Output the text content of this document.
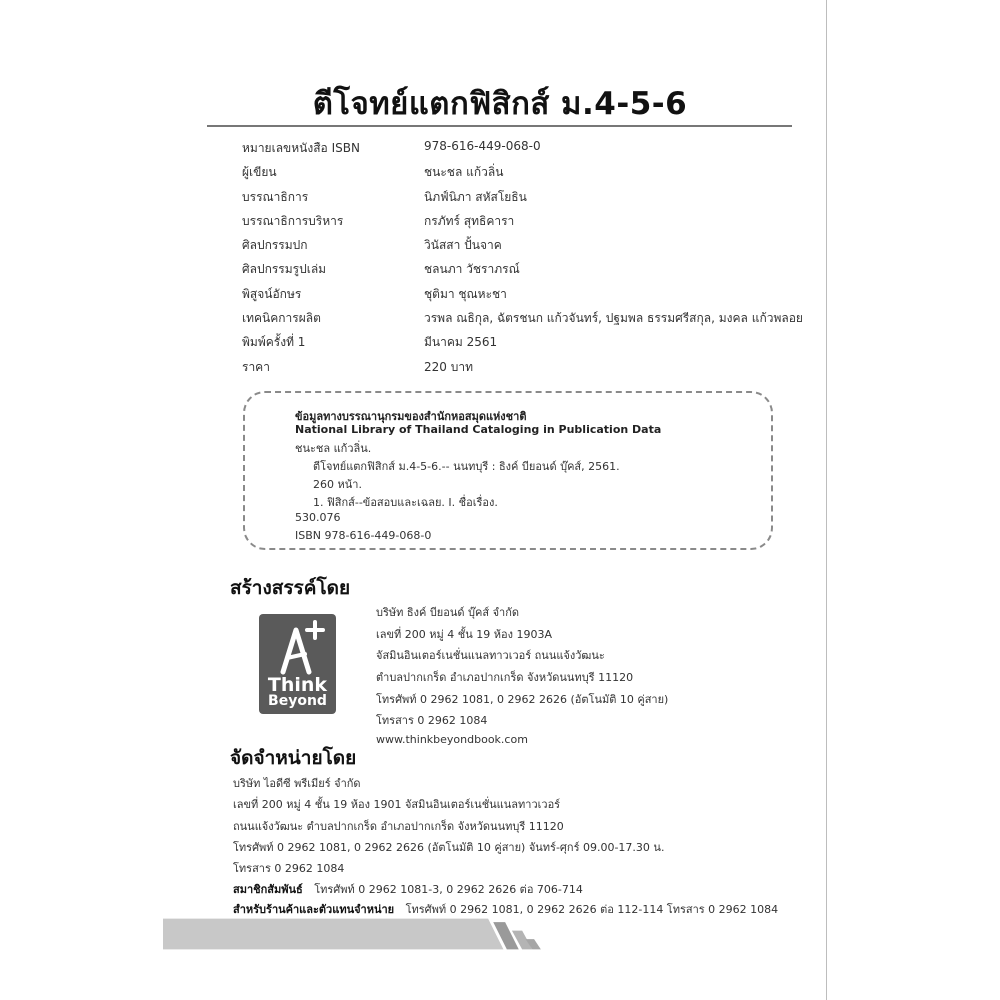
ตีโจทย์แตกฟิสิกส์ ม.4-5-6
หมายเลขหนังสือ ISBN	978-616-449-068-0
ผู้เขียน	ชนะชล แก้วลิ่น
บรรณาธิการ	นิภฟ์นิภา สหัสโยธิน
บรรณาธิการบริหาร	กรภัทร์ สุทธิคารา
ศิลปกรรมปก	วินัสสา ปั้นจาค
ศิลปกรรมรูปเล่ม	ชลนภา วัชราภรณ์
พิสูจน์อักษร	ชุติมา ชุณหะชา
เทคนิคการผลิต	วรพล ณธิกุล, ฉัตรชนก แก้วจันทร์, ปฐมพล ธรรมศรีสกุล, มงคล แก้วพลอย
พิมพ์ครั้งที่ 1	มีนาคม 2561
ราคา	220 บาท
ข้อมูลทางบรรณานุกรมของสำนักหอสมุดแห่งชาติ
National Library of Thailand Cataloging in Publication Data
ชนะชล แก้วลิ่น.
ตีโจทย์แตกฟิสิกส์ ม.4-5-6.-- นนทบุรี : ธิงค์ บียอนด์ บุ๊คส์, 2561.
260 หน้า.
1. ฟิสิกส์--ข้อสอบและเฉลย. I. ชื่อเรื่อง.
530.076
ISBN 978-616-449-068-0
สร้างสรรค์โดย
Think
Beyond
บริษัท ธิงค์ บียอนด์ บุ๊คส์ จำกัด
เลขที่ 200 หมู่ 4 ชั้น 19 ห้อง 1903A
จัสมินอินเตอร์เนชั่นแนลทาวเวอร์ ถนนแจ้งวัฒนะ
ตำบลปากเกร็ด อำเภอปากเกร็ด จังหวัดนนทบุรี 11120
โทรศัพท์ 0 2962 1081, 0 2962 2626 (อัตโนมัติ 10 คู่สาย)
โทรสาร 0 2962 1084
www.thinkbeyondbook.com
จัดจำหน่ายโดย
บริษัท ไอดีซี พรีเมียร์ จำกัด
เลขที่ 200 หมู่ 4 ชั้น 19 ห้อง 1901 จัสมินอินเตอร์เนชั่นแนลทาวเวอร์
ถนนแจ้งวัฒนะ ตำบลปากเกร็ด อำเภอปากเกร็ด จังหวัดนนทบุรี 11120
โทรศัพท์ 0 2962 1081, 0 2962 2626 (อัตโนมัติ 10 คู่สาย) จันทร์-ศุกร์ 09.00-17.30 น.
โทรสาร 0 2962 1084
สมาชิกสัมพันธ์ โทรศัพท์ 0 2962 1081-3, 0 2962 2626 ต่อ 706-714
สำหรับร้านค้าและตัวแทนจำหน่าย โทรศัพท์ 0 2962 1081, 0 2962 2626 ต่อ 112-114 โทรสาร 0 2962 1084
